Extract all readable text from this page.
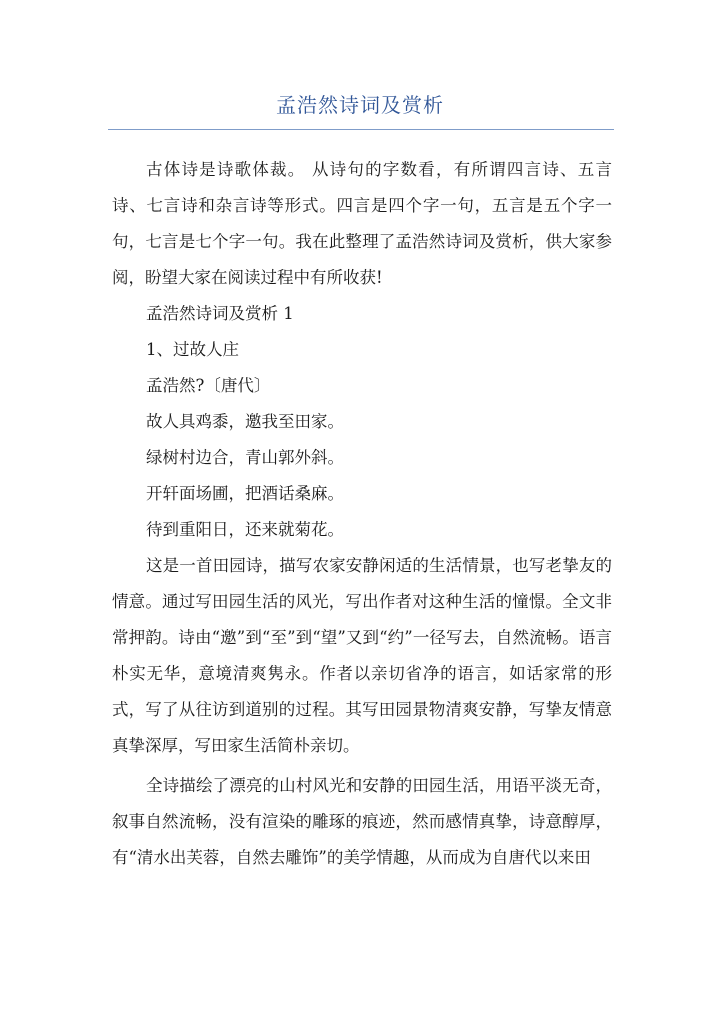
孟浩然诗词及赏析

古体诗是诗歌体裁。 从诗句的字数看，有所谓四言诗、五言诗、七言诗和杂言诗等形式。四言是四个字一句，五言是五个字一句，七言是七个字一句。我在此整理了孟浩然诗词及赏析，供大家参阅，盼望大家在阅读过程中有所收获!

孟浩然诗词及赏析 1

1、过故人庄

孟浩然?〔唐代〕

故人具鸡黍，邀我至田家。

绿树村边合，青山郭外斜。

开轩面场圃，把酒话桑麻。

待到重阳日，还来就菊花。

这是一首田园诗，描写农家安静闲适的生活情景，也写老挚友的情意。通过写田园生活的风光，写出作者对这种生活的憧憬。全文非常押韵。诗由“邀”到“至”到“望”又到“约”一径写去，自然流畅。语言朴实无华，意境清爽隽永。作者以亲切省净的语言，如话家常的形式，写了从往访到道别的过程。其写田园景物清爽安静，写挚友情意真挚深厚，写田家生活简朴亲切。

全诗描绘了漂亮的山村风光和安静的田园生活，用语平淡无奇，叙事自然流畅，没有渲染的雕琢的痕迹，然而感情真挚，诗意醇厚，有“清水出芙蓉，自然去雕饰”的美学情趣，从而成为自唐代以来田
